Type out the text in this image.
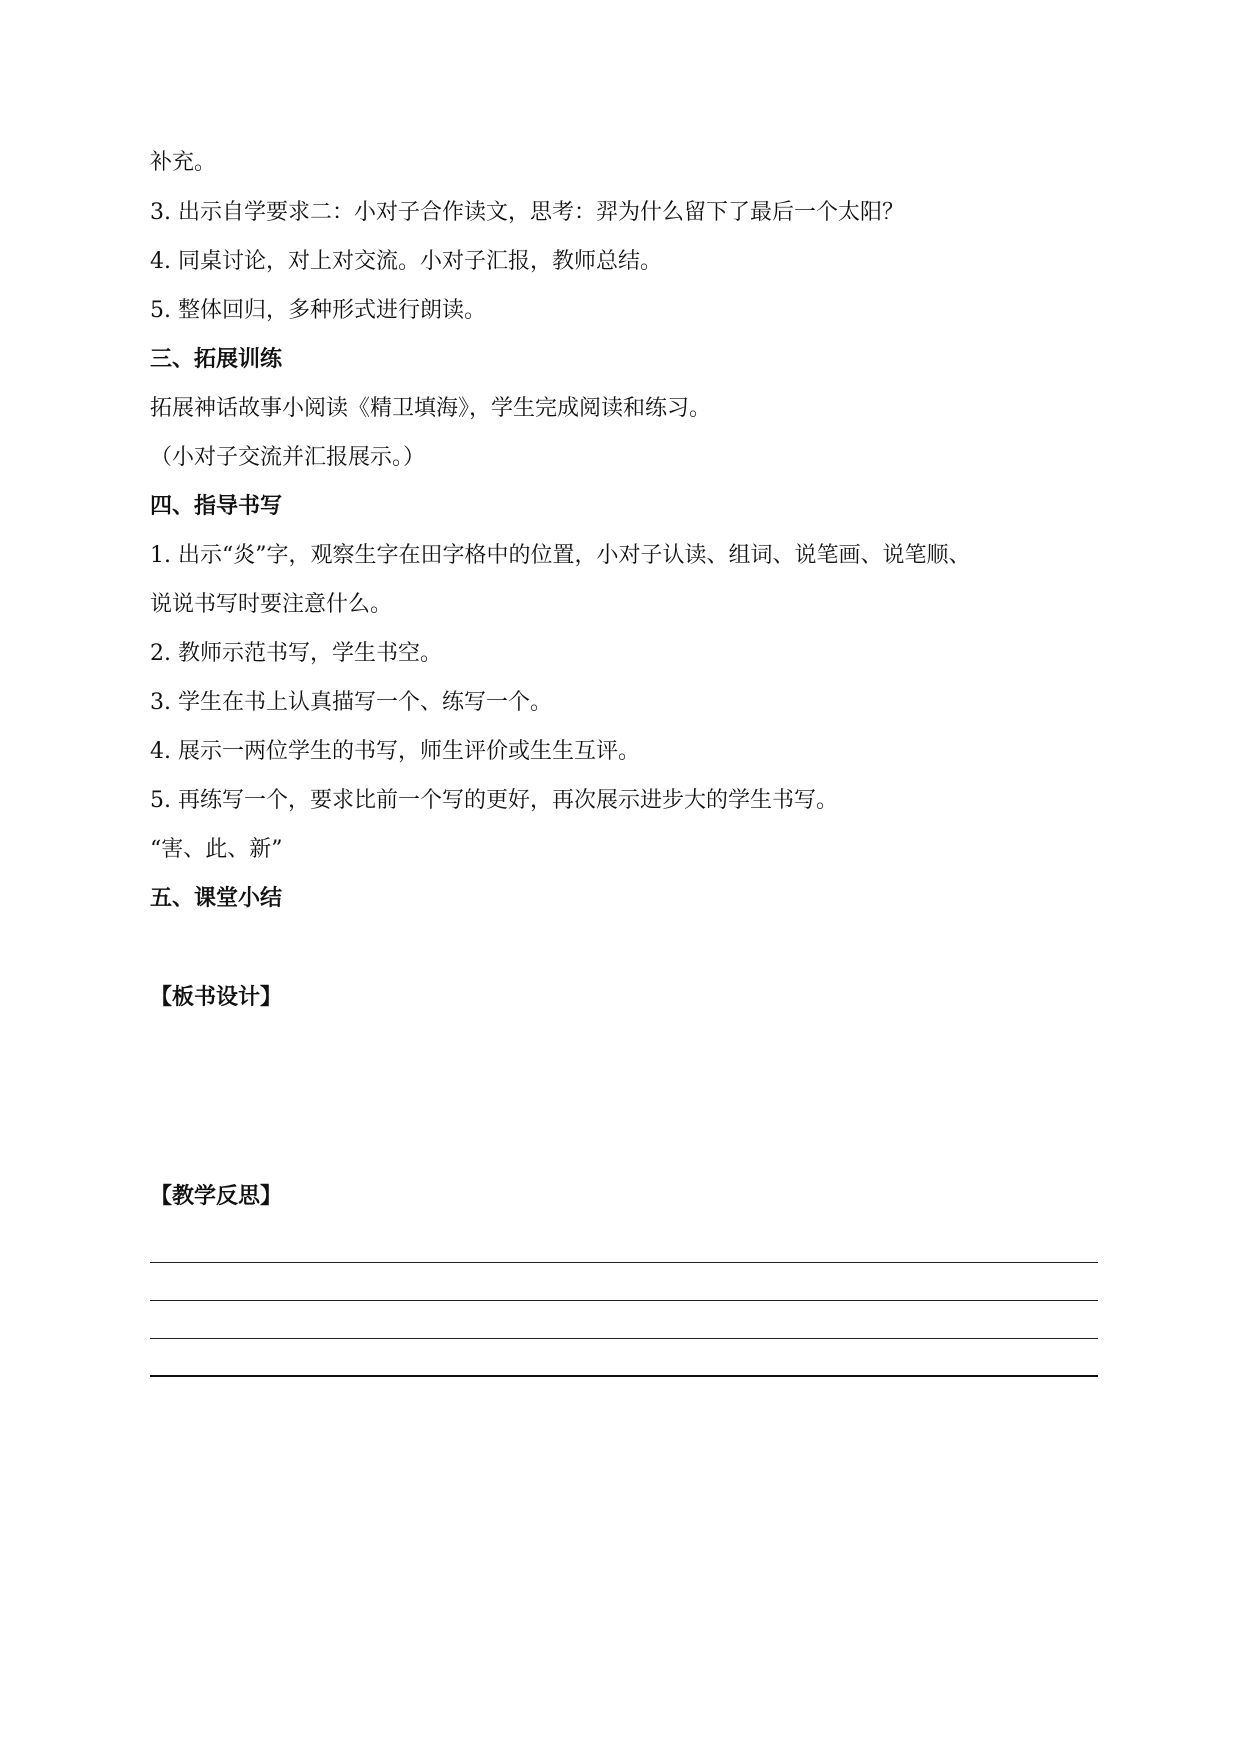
补充。
3. 出示自学要求二：小对子合作读文，思考：羿为什么留下了最后一个太阳？
4. 同桌讨论，对上对交流。小对子汇报，教师总结。
5. 整体回归，多种形式进行朗读。
三、拓展训练
拓展神话故事小阅读《精卫填海》，学生完成阅读和练习。
（小对子交流并汇报展示。）
四、指导书写
1. 出示“炎”字，观察生字在田字格中的位置，小对子认读、组词、说笔画、说笔顺、
说说书写时要注意什么。
2. 教师示范书写，学生书空。
3. 学生在书上认真描写一个、练写一个。
4. 展示一两位学生的书写，师生评价或生生互评。
5. 再练写一个，要求比前一个写的更好，再次展示进步大的学生书写。
“害、此、新”
五、课堂小结
【板书设计】
【教学反思】
